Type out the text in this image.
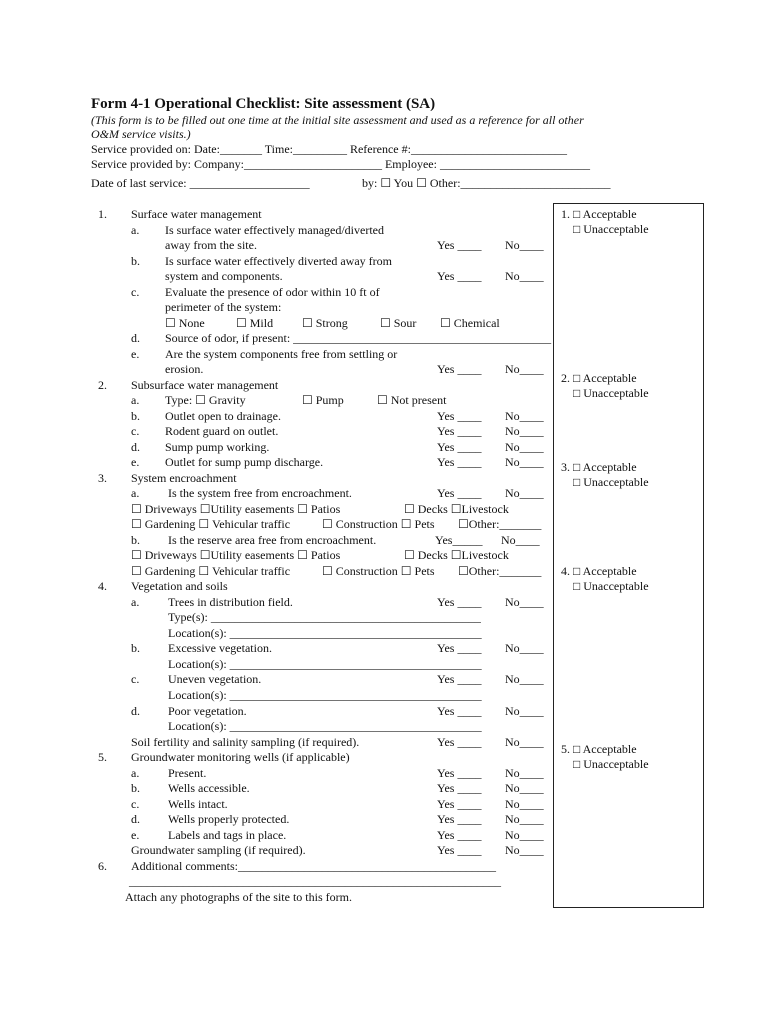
Form 4-1 Operational Checklist: Site assessment (SA)
(This form is to be filled out one time at the initial site assessment and used as a reference for all other
O&M service visits.)
Service provided on: Date:_______ Time:_________ Reference #:__________________________
Service provided by: Company:_______________________ Employee: _________________________
Date of last service: ____________________	by: ☐ You ☐ Other:_________________________
1. Surface water management
a. Is surface water effectively managed/diverted
away from the site.	Yes ____ No____
b. Is surface water effectively diverted away from
system and components.	Yes ____ No____
c. Evaluate the presence of odor within 10 ft of
perimeter of the system:
☐ None	☐ Mild ☐ Strong	☐ Sour ☐ Chemical
d. Source of odor, if present: ___________________________________________
e. Are the system components free from settling or
erosion.	Yes ____ No____
2. Subsurface water management
a. Type: ☐ Gravity	☐ Pump	☐ Not present
b. Outlet open to drainage.	Yes ____ No____
c. Rodent guard on outlet.	Yes ____ No____
d. Sump pump working.	Yes ____ No____
e. Outlet for sump pump discharge.	Yes ____ No____
3. System encroachment
a. Is the system free from encroachment.	Yes ____ No____
☐ Driveways ☐Utility easements ☐ Patios	☐ Decks ☐Livestock
☐ Gardening ☐ Vehicular traffic	☐ Construction ☐ Pets ☐Other:_______
b. Is the reserve area free from encroachment.	Yes_____ No____
☐ Driveways ☐Utility easements ☐ Patios	☐ Decks ☐Livestock
☐ Gardening ☐ Vehicular traffic	☐ Construction ☐ Pets ☐Other:_______
4. Vegetation and soils
a. Trees in distribution field.	Yes ____ No____
Type(s): _____________________________________________
Location(s): __________________________________________
b. Excessive vegetation.	Yes ____ No____
Location(s): __________________________________________
c. Uneven vegetation.	Yes ____ No____
Location(s): __________________________________________
d. Poor vegetation.	Yes ____ No____
Location(s): __________________________________________
Soil fertility and salinity sampling (if required).	Yes ____ No____
5. Groundwater monitoring wells (if applicable)
a. Present.	Yes ____ No____
b. Wells accessible.	Yes ____ No____
c. Wells intact.	Yes ____ No____
d. Wells properly protected.	Yes ____ No____
e. Labels and tags in place.	Yes ____ No____
Groundwater sampling (if required).	Yes ____ No____
6. Additional comments:___________________________________________
______________________________________________________________
Attach any photographs of the site to this form.
1. □ Acceptable
□ Unacceptable
2. □ Acceptable
□ Unacceptable
3. □ Acceptable
□ Unacceptable
4. □ Acceptable
□ Unacceptable
5. □ Acceptable
□ Unacceptable
